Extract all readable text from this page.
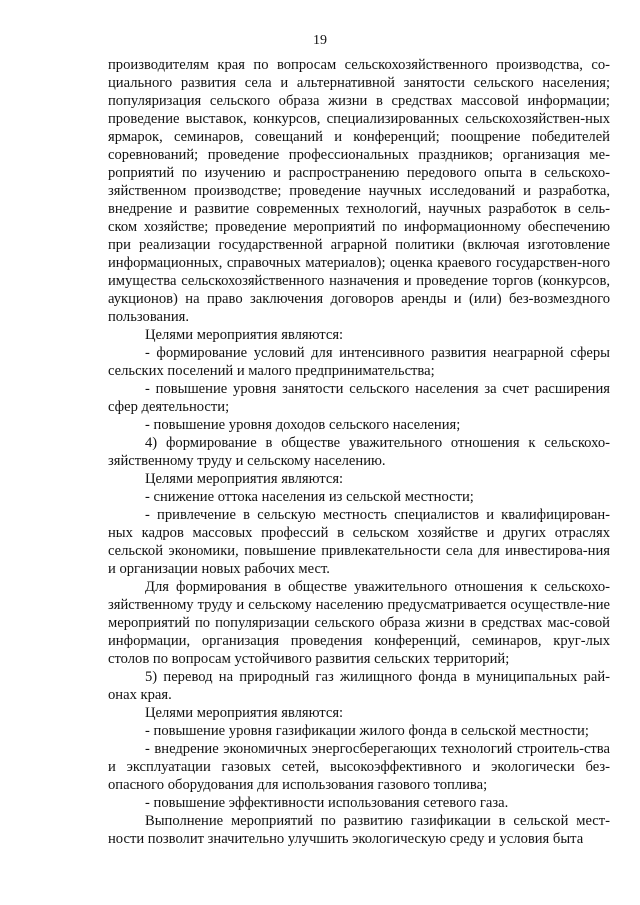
19

производителям края по вопросам сельскохозяйственного производства, со-циального развития села и альтернативной занятости сельского населения; популяризация сельского образа жизни в средствах массовой информации; проведение выставок, конкурсов, специализированных сельскохозяйствен-ных ярмарок, семинаров, совещаний и конференций; поощрение победителей соревнований; проведение профессиональных праздников; организация ме-роприятий по изучению и распространению передового опыта в сельскохо-зяйственном производстве; проведение научных исследований и разработка, внедрение и развитие современных технологий, научных разработок в сель-ском хозяйстве; проведение мероприятий по информационному обеспечению при реализации государственной аграрной политики (включая изготовление информационных, справочных материалов); оценка краевого государствен-ного имущества сельскохозяйственного назначения и проведение торгов (конкурсов, аукционов) на право заключения договоров аренды и (или) без-возмездного пользования.

Целями мероприятия являются:

- формирование условий для интенсивного развития неаграрной сферы сельских поселений и малого предпринимательства;

- повышение уровня занятости сельского населения за счет расширения сфер деятельности;

- повышение уровня доходов сельского населения;

4) формирование в обществе уважительного отношения к сельскохо-зяйственному труду и сельскому населению.

Целями мероприятия являются:

- снижение оттока населения из сельской местности;

- привлечение в сельскую местность специалистов и квалифицирован-ных кадров массовых профессий в сельском хозяйстве и других отраслях сельской экономики, повышение привлекательности села для инвестирова-ния и организации новых рабочих мест.

Для формирования в обществе уважительного отношения к сельскохо-зяйственному труду и сельскому населению предусматривается осуществле-ние мероприятий по популяризации сельского образа жизни в средствах мас-совой информации, организация проведения конференций, семинаров, круг-лых столов по вопросам устойчивого развития сельских территорий;

5) перевод на природный газ жилищного фонда в муниципальных рай-онах края.

Целями мероприятия являются:

- повышение уровня газификации жилого фонда в сельской местности;

- внедрение экономичных энергосберегающих технологий строитель-ства и эксплуатации газовых сетей, высокоэффективного и экологически без-опасного оборудования для использования газового топлива;

- повышение эффективности использования сетевого газа.

Выполнение мероприятий по развитию газификации в сельской мест-ности позволит значительно улучшить экологическую среду и условия быта
